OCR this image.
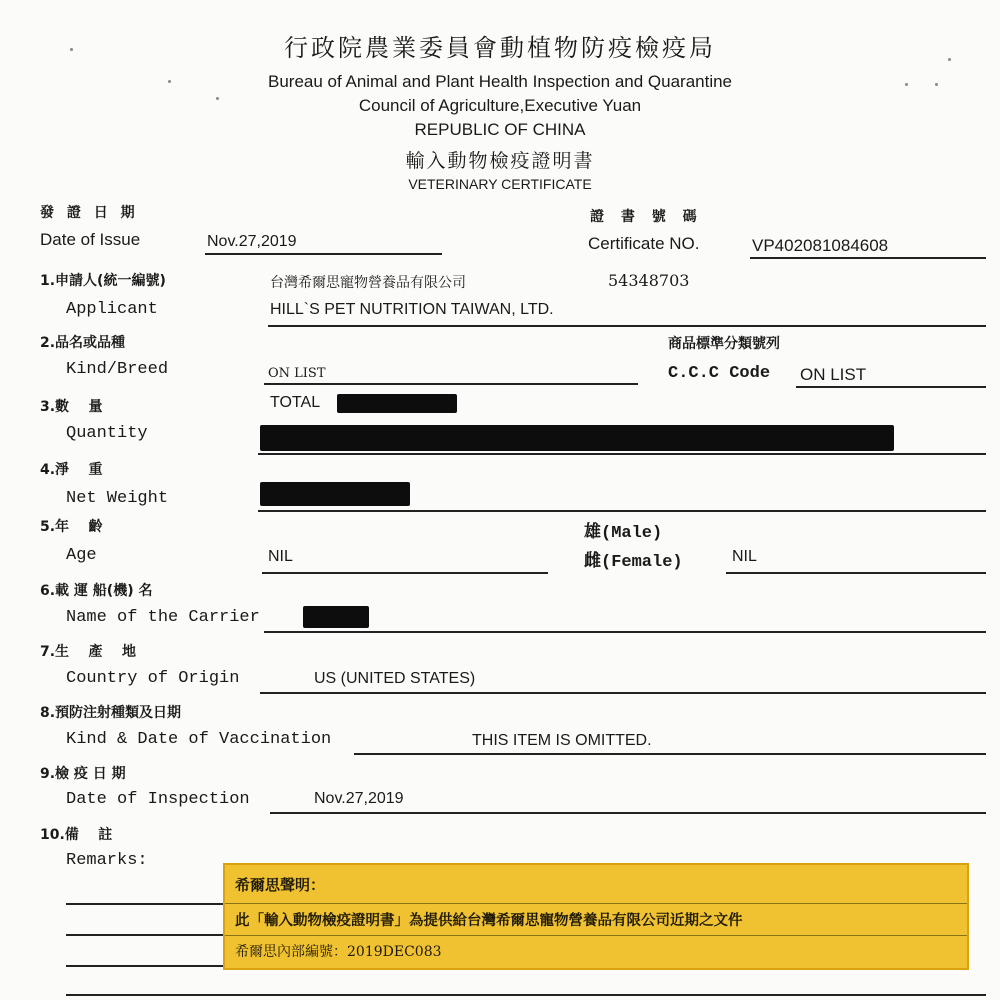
行政院農業委員會動植物防疫檢疫局
Bureau of Animal and Plant Health Inspection and Quarantine
Council of Agriculture,Executive Yuan
REPUBLIC OF CHINA
輸入動物檢疫證明書
VETERINARY CERTIFICATE
發 證 日 期
Date of Issue	Nov.27,2019
證 書 號 碼
Certificate NO.	VP402081084608
1.申請人(統一編號)	台灣希爾思寵物營養品有限公司	54348703
Applicant	HILL`S PET NUTRITION TAIWAN, LTD.
2.品名或品種	商品標準分類號列
Kind/Breed	ON LIST	C.C.C Code ON LIST
3.數    量	TOTAL
Quantity
4.淨    重
Net Weight
5.年    齡	雄(Male)
Age	NIL	雌(Female)	NIL
6.載 運 船(機) 名
Name of the Carrier
7.生    產    地
Country of Origin	US (UNITED STATES)
8.預防注射種類及日期
Kind & Date of Vaccination	THIS ITEM IS OMITTED.
9.檢 疫 日 期
Date of Inspection	Nov.27,2019
10.備    註
Remarks:
希爾思聲明：
此「輸入動物檢疫證明書」為提供給台灣希爾思寵物營養品有限公司近期之文件
希爾思內部編號：2019DEC083
